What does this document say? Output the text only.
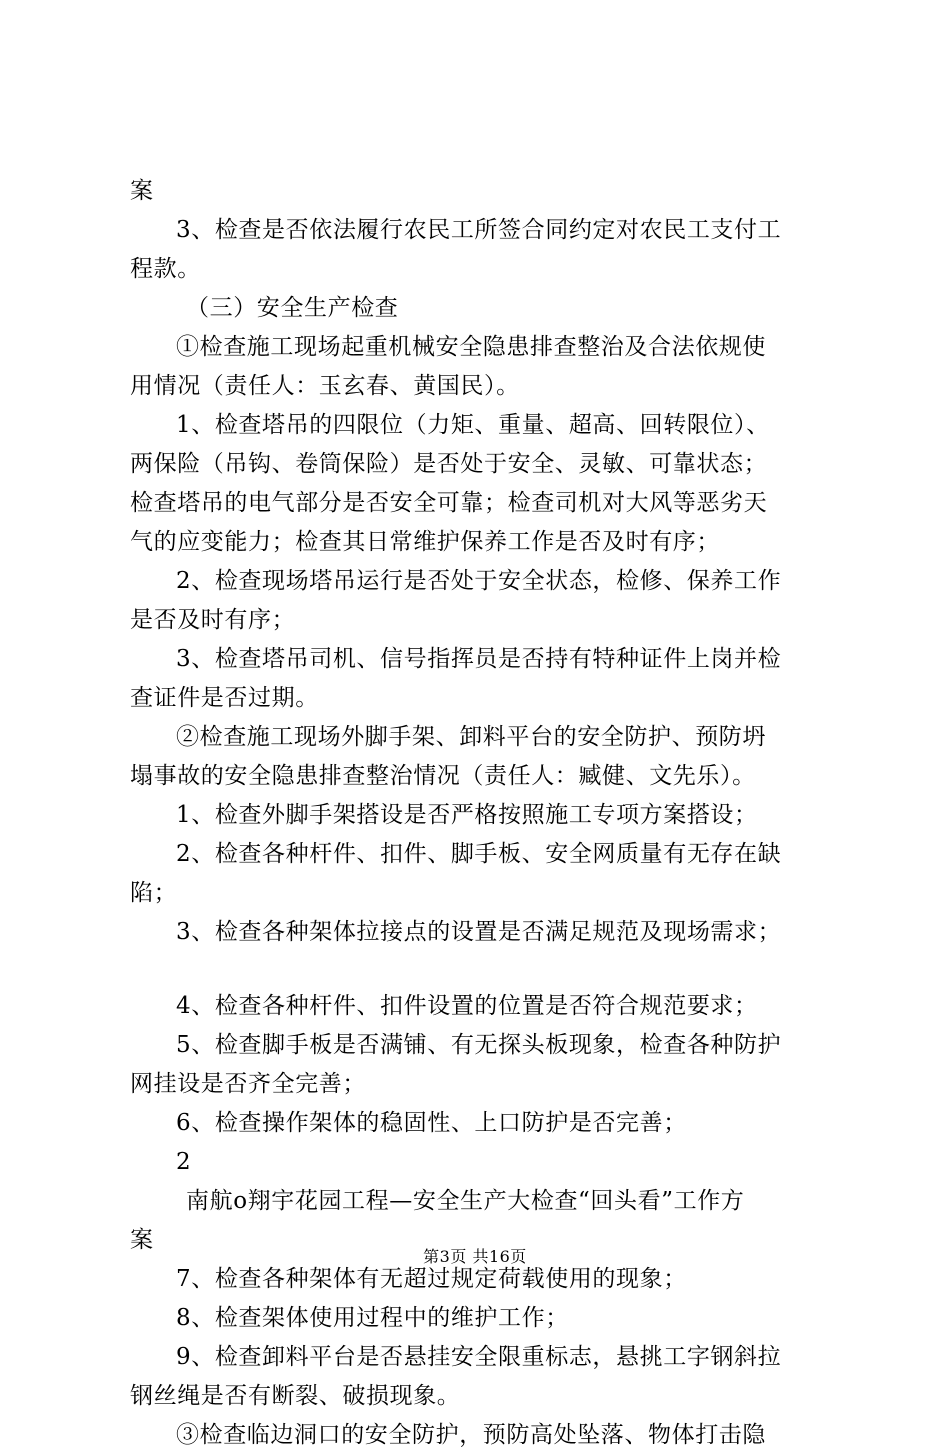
案
3、检查是否依法履行农民工所签合同约定对农民工支付工
程款。
（三）安全生产检查
①检查施工现场起重机械安全隐患排查整治及合法依规使
用情况（责任人：玉玄春、黄国民）。
1、检查塔吊的四限位（力矩、重量、超高、回转限位）、
两保险（吊钩、卷筒保险）是否处于安全、灵敏、可靠状态；
检查塔吊的电气部分是否安全可靠；检查司机对大风等恶劣天
气的应变能力；检查其日常维护保养工作是否及时有序；
2、检查现场塔吊运行是否处于安全状态，检修、保养工作
是否及时有序；
3、检查塔吊司机、信号指挥员是否持有特种证件上岗并检
查证件是否过期。
②检查施工现场外脚手架、卸料平台的安全防护、预防坍
塌事故的安全隐患排查整治情况（责任人：臧健、文先乐）。
1、检查外脚手架搭设是否严格按照施工专项方案搭设；
2、检查各种杆件、扣件、脚手板、安全网质量有无存在缺
陷；
3、检查各种架体拉接点的设置是否满足规范及现场需求；
4、检查各种杆件、扣件设置的位置是否符合规范要求；
5、检查脚手板是否满铺、有无探头板现象，检查各种防护
网挂设是否齐全完善；
6、检查操作架体的稳固性、上口防护是否完善；
2
南航o翔宇花园工程—安全生产大检查“回头看”工作方
案
7、检查各种架体有无超过规定荷载使用的现象；
8、检查架体使用过程中的维护工作；
9、检查卸料平台是否悬挂安全限重标志，悬挑工字钢斜拉
钢丝绳是否有断裂、破损现象。
③检查临边洞口的安全防护，预防高处坠落、物体打击隐
第3页 共16页
